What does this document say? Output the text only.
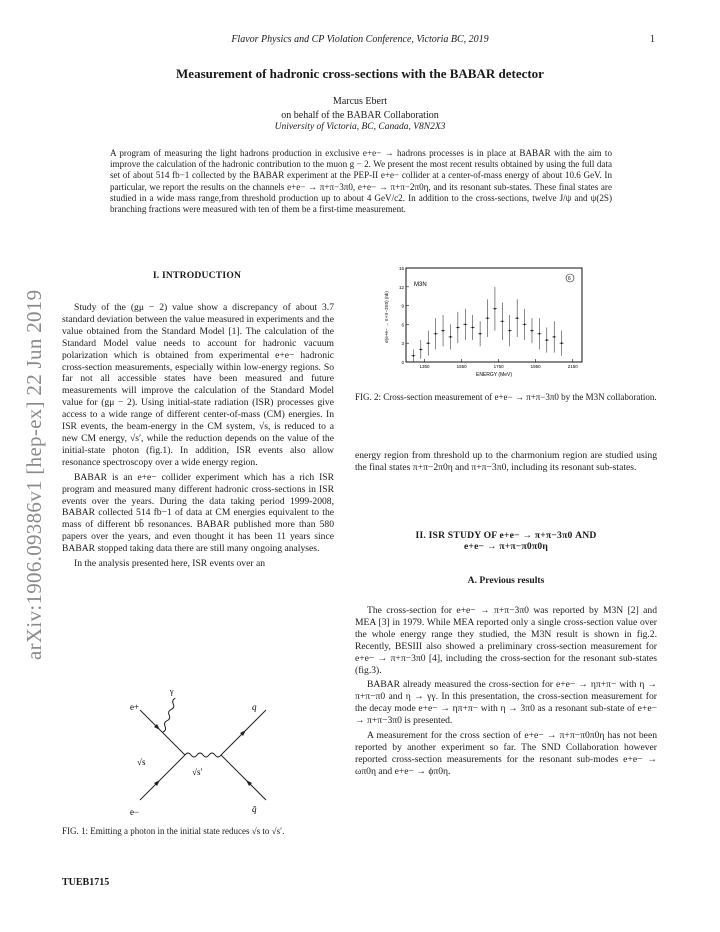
Flavor Physics and CP Violation Conference, Victoria BC, 2019	1
Measurement of hadronic cross-sections with the BABAR detector
Marcus Ebert
on behalf of the BABAR Collaboration
University of Victoria, BC, Canada, V8N2X3
A program of measuring the light hadrons production in exclusive e+e− → hadrons processes is in place at BABAR with the aim to improve the calculation of the hadronic contribution to the muon g − 2. We present the most recent results obtained by using the full data set of about 514 fb−1 collected by the BABAR experiment at the PEP-II e+e− collider at a center-of-mass energy of about 10.6 GeV. In particular, we report the results on the channels e+e− → π+π−3π0, e+e− → π+π−2π0η, and its resonant sub-states. These final states are studied in a wide mass range,from threshold production up to about 4 GeV/c2. In addition to the cross-sections, twelve J/ψ and ψ(2S) branching fractions were measured with ten of them be a first-time measurement.
arXiv:1906.09386v1 [hep-ex] 22 Jun 2019
I. INTRODUCTION

Study of the (gμ − 2) value show a discrepancy of about 3.7 standard deviation between the value measured in experiments and the value obtained from the Standard Model [1]. The calculation of the Standard Model value needs to account for hadronic vacuum polarization which is obtained from experimental e+e− hadronic cross-section measurements, especially within low-energy regions. So far not all accessible states have been measured and future measurements will improve the calculation of the Standard Model value for (gμ − 2). Using initial-state radiation (ISR) processes give access to a wide range of different center-of-mass (CM) energies. In ISR events, the beam-energy in the CM system, √s, is reduced to a new CM energy, √s′, while the reduction depends on the value of the initial-state photon (fig.1). In addition, ISR events also allow resonance spectroscopy over a wide energy region.

BABAR is an e+e− collider experiment which has a rich ISR program and measured many different hadronic cross-sections in ISR events over the years. During the data taking period 1999-2008, BABAR collected 514 fb−1 of data at CM energies equivalent to the mass of different bb̄ resonances. BABAR published more than 580 papers over the years, and even thought it has been 11 years since BABAR stopped taking data there are still many ongoing analyses.

In the analysis presented here, ISR events over an

e+
e−
γ
q
q̄
√s
√s′
FIG. 1: Emitting a photon in the initial state reduces √s to √s′.
TUEB1715
15
12
9
6
3
0
1350	1550	1750	1950	2150
M3N
6
ENERGY (MeV)
σ(e+e− → π+π−3π0) (nb)
FIG. 2: Cross-section measurement of e+e− → π+π−3π0 by the M3N collaboration.
energy region from threshold up to the charmonium region are studied using the final states π+π−2π0η and π+π−3π0, including its resonant sub-states.
II. ISR STUDY OF e+e− → π+π−3π0 AND
e+e− → π+π−π0π0η
A. Previous results

The cross-section for e+e− → π+π−3π0 was reported by M3N [2] and MEA [3] in 1979. While MEA reported only a single cross-section value over the whole energy range they studied, the M3N result is shown in fig.2. Recently, BESIII also showed a preliminary cross-section measurement for e+e− → π+π−3π0 [4], including the cross-section for the resonant sub-states (fig.3).

BABAR already measured the cross-section for e+e− → ηπ+π− with η → π+π−π0 and η → γγ. In this presentation, the cross-section measurement for the decay mode e+e− → ηπ+π− with η → 3π0 as a resonant sub-state of e+e− → π+π−3π0 is presented.

A measurement for the cross section of e+e− → π+π−π0π0η has not been reported by another experiment so far. The SND Collaboration however reported cross-section measurements for the resonant sub-modes e+e− → ωπ0η and e+e− → ϕπ0η.
